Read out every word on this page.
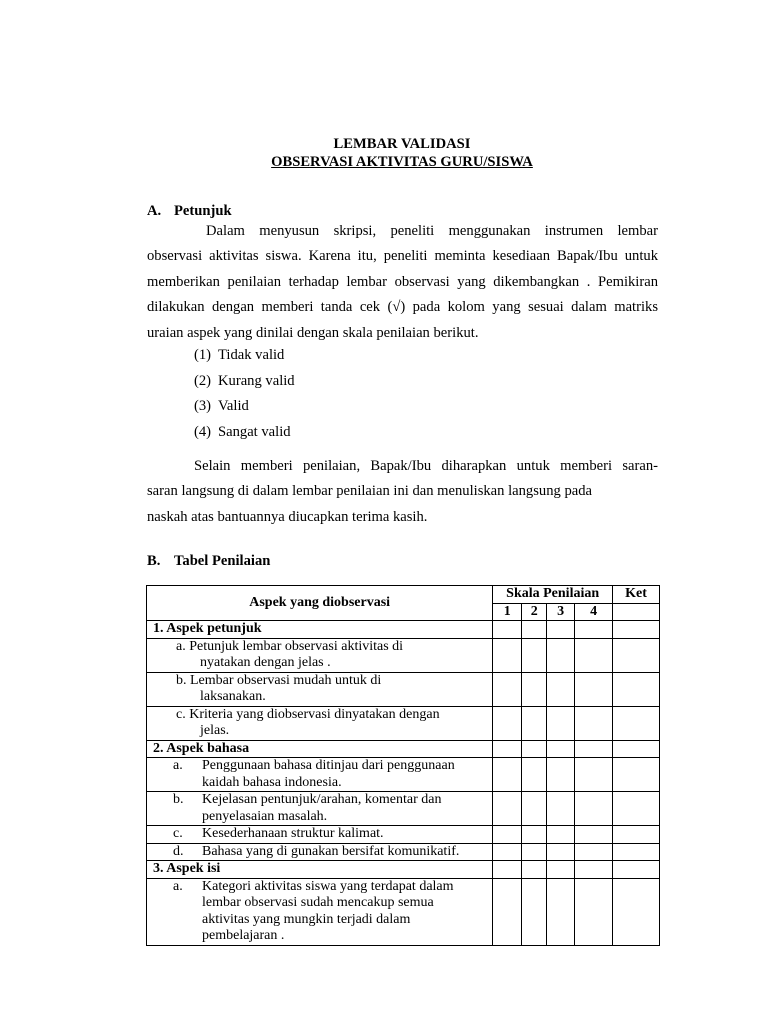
LEMBAR VALIDASI
OBSERVASI AKTIVITAS GURU/SISWA
A. Petunjuk
Dalam menyusun skripsi, peneliti menggunakan instrumen lembar
observasi aktivitas siswa. Karena itu, peneliti meminta kesediaan Bapak/Ibu untuk
memberikan penilaian terhadap lembar observasi yang dikembangkan . Pemikiran
dilakukan dengan memberi tanda cek (√) pada kolom yang sesuai dalam matriks
uraian aspek yang dinilai dengan skala penilaian berikut.
(1) Tidak valid
(2) Kurang valid
(3) Valid
(4) Sangat valid
Selain memberi penilaian, Bapak/Ibu diharapkan untuk memberi saran-
saran langsung di dalam lembar penilaian ini dan menuliskan langsung pada
naskah atas bantuannya diucapkan terima kasih.
B. Tabel Penilaian
Aspek yang diobservasi	Skala Penilaian				Ket
	1	2	3	4	
1. Aspek petunjuk					
a. Petunjuk lembar observasi aktivitas di
nyatakan dengan jelas .					

b. Lembar observasi mudah untuk di
laksanakan.					

c. Kriteria yang diobservasi dinyatakan dengan
jelas.					

2. Aspek bahasa					
a. Penggunaan bahasa ditinjau dari penggunaan
kaidah bahasa indonesia.					

b. Kejelasan pentunjuk/arahan, komentar dan
penyelasaian masalah.					

c. Kesederhanaan struktur kalimat.					
d. Bahasa yang di gunakan bersifat komunikatif.					
3. Aspek isi					
a. Kategori aktivitas siswa yang terdapat dalam
lembar observasi sudah mencakup semua
aktivitas yang mungkin terjadi dalam
pembelajaran .					
